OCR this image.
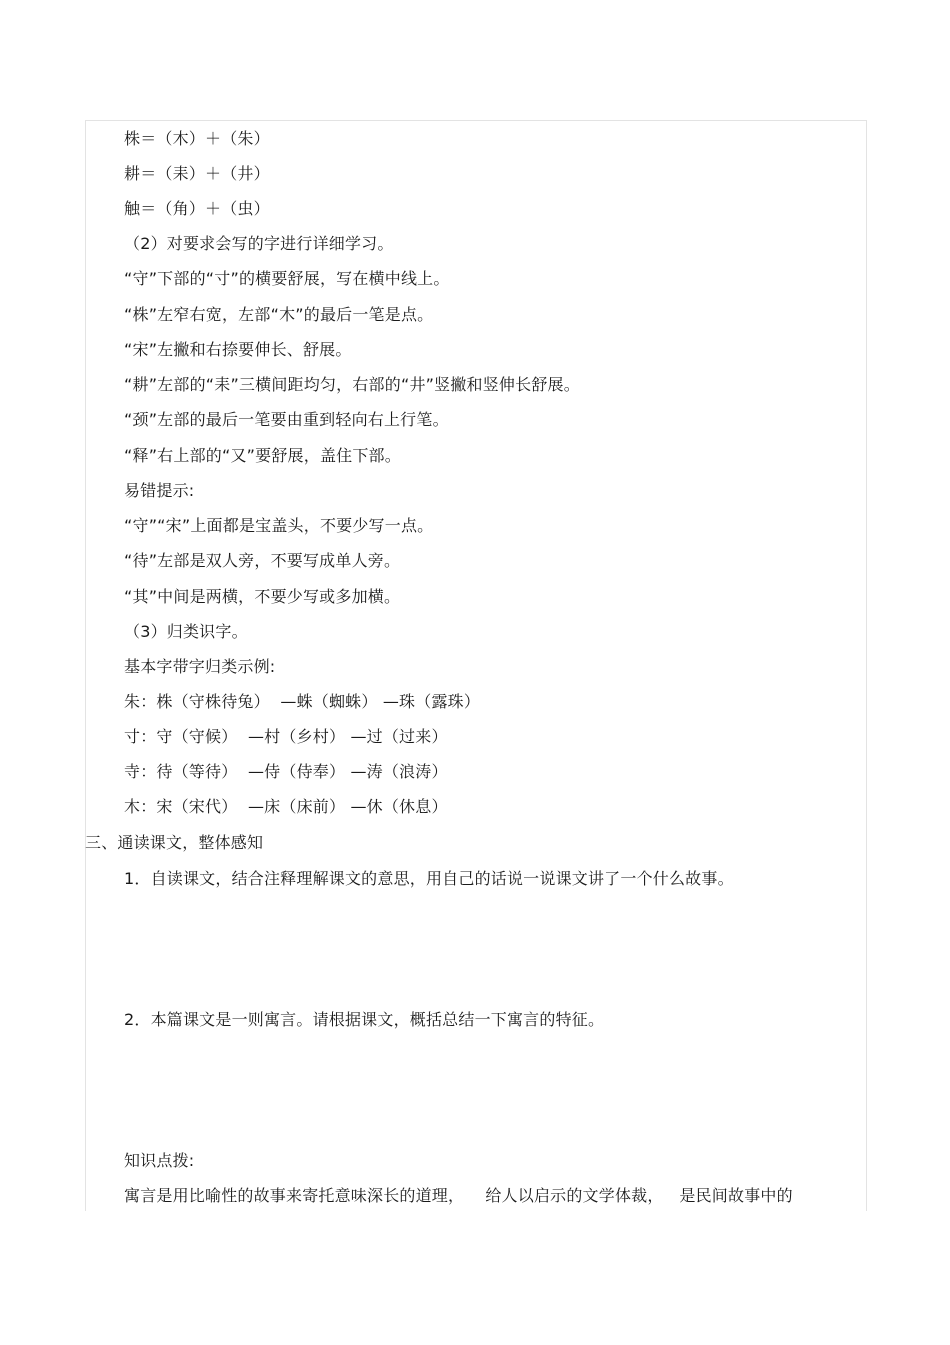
株＝（木）＋（朱）
耕＝（耒）＋（井）
触＝（角）＋（虫）
（2）对要求会写的字进行详细学习。
“守”下部的“寸”的横要舒展，写在横中线上。
“株”左窄右宽，左部“木”的最后一笔是点。
“宋”左撇和右捺要伸长、舒展。
“耕”左部的“耒”三横间距均匀，右部的“井”竖撇和竖伸长舒展。
“颈”左部的最后一笔要由重到轻向右上行笔。
“释”右上部的“又”要舒展，盖住下部。
易错提示:
“守”“宋”上面都是宝盖头，不要少写一点。
“待”左部是双人旁，不要写成单人旁。
“其”中间是两横，不要少写或多加横。
（3）归类识字。
基本字带字归类示例:
朱：株（守株待兔）  —蛛（蜘蛛） —珠（露珠）
寸：守（守候）  —村（乡村） —过（过来）
寺：待（等待）  —侍（侍奉） —涛（浪涛）
木：宋（宋代）  —床（床前） —休（休息）
三、通读课文，整体感知
1．自读课文，结合注释理解课文的意思，用自己的话说一说课文讲了一个什么故事。
2．本篇课文是一则寓言。请根据课文，概括总结一下寓言的特征。
知识点拨:
寓言是用比喻性的故事来寄托意味深长的道理，    给人以启示的文学体裁，   是民间故事中的
